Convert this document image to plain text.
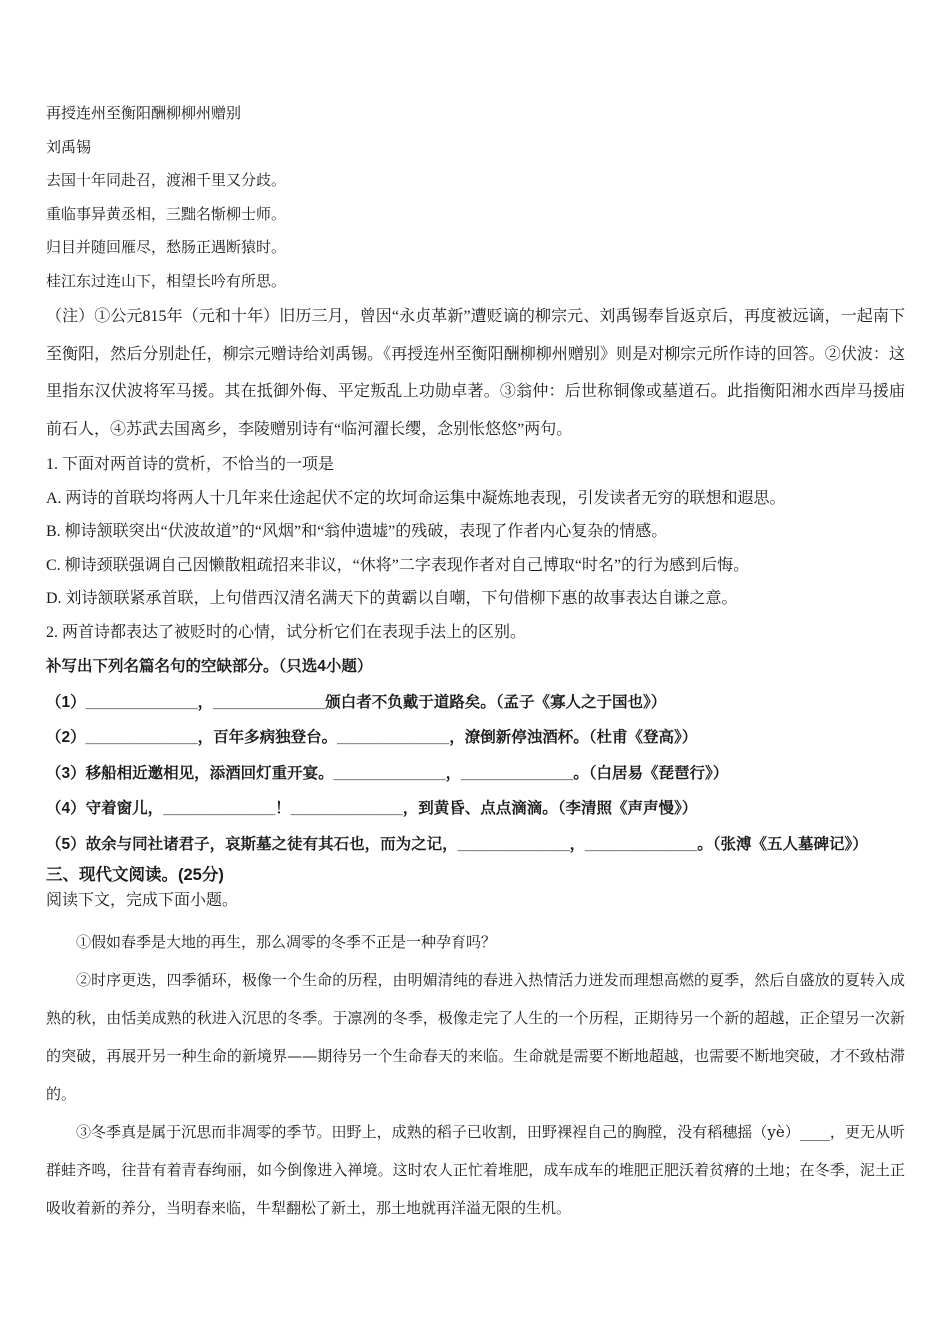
再授连州至衡阳酬柳柳州赠别
刘禹锡
去国十年同赴召，渡湘千里又分歧。
重临事异黄丞相，三黜名惭柳士师。
归目并随回雁尽，愁肠正遇断猿时。
桂江东过连山下，相望长吟有所思。
（注）①公元815年（元和十年）旧历三月，曾因“永贞革新”遭贬谪的柳宗元、刘禹锡奉旨返京后，再度被远谪，一起南下至衡阳，然后分别赴任，柳宗元赠诗给刘禹锡。《再授连州至衡阳酬柳柳州赠别》则是对柳宗元所作诗的回答。②伏波：这里指东汉伏波将军马援。其在抵御外侮、平定叛乱上功勋卓著。③翁仲：后世称铜像或墓道石。此指衡阳湘水西岸马援庙前石人，④苏武去国离乡，李陵赠别诗有“临河濯长缨，念别怅悠悠”两句。
1. 下面对两首诗的赏析，不恰当的一项是
A. 两诗的首联均将两人十几年来仕途起伏不定的坎坷命运集中凝炼地表现，引发读者无穷的联想和遐思。
B. 柳诗颔联突出“伏波故道”的“风烟”和“翁仲遗墟”的残破，表现了作者内心复杂的情感。
C. 柳诗颈联强调自己因懒散粗疏招来非议，“休将”二字表现作者对自己博取“时名”的行为感到后悔。
D. 刘诗颔联紧承首联，上句借西汉清名满天下的黄霸以自嘲，下句借柳下惠的故事表达自谦之意。
2. 两首诗都表达了被贬时的心情，试分析它们在表现手法上的区别。
补写出下列名篇名句的空缺部分。（只选4小题）
（1）_____________，_____________颁白者不负戴于道路矣。（孟子《寡人之于国也》）
（2）_____________，百年多病独登台。_____________，潦倒新停浊酒杯。（杜甫《登高》）
（3）移船相近邀相见，添酒回灯重开宴。_____________，_____________。（白居易《琵琶行》）
（4）守着窗儿，_____________！_____________，到黄昏、点点滴滴。（李清照《声声慢》）
（5）故余与同社诸君子，哀斯墓之徒有其石也，而为之记，_____________，_____________。（张溥《五人墓碑记》）
三、现代文阅读。(25分)
阅读下文，完成下面小题。

①假如春季是大地的再生，那么凋零的冬季不正是一种孕育吗？

②时序更迭，四季循环，极像一个生命的历程，由明媚清纯的春进入热情活力迸发而理想高燃的夏季，然后自盛放的夏转入成熟的秋，由恬美成熟的秋进入沉思的冬季。于凛冽的冬季，极像走完了人生的一个历程，正期待另一个新的超越，正企望另一次新的突破，再展开另一种生命的新境界——期待另一个生命春天的来临。生命就是需要不断地超越，也需要不断地突破，才不致枯滞的。

③冬季真是属于沉思而非凋零的季节。田野上，成熟的稻子已收割，田野裸裎自己的胸膛，没有稻穗摇（yè）____，更无从听群蛙齐鸣，往昔有着青春绚丽，如今倒像进入禅境。这时农人正忙着堆肥，成车成车的堆肥正肥沃着贫瘠的土地；在冬季，泥土正吸收着新的养分，当明春来临，牛犁翻松了新土，那土地就再洋溢无限的生机。
